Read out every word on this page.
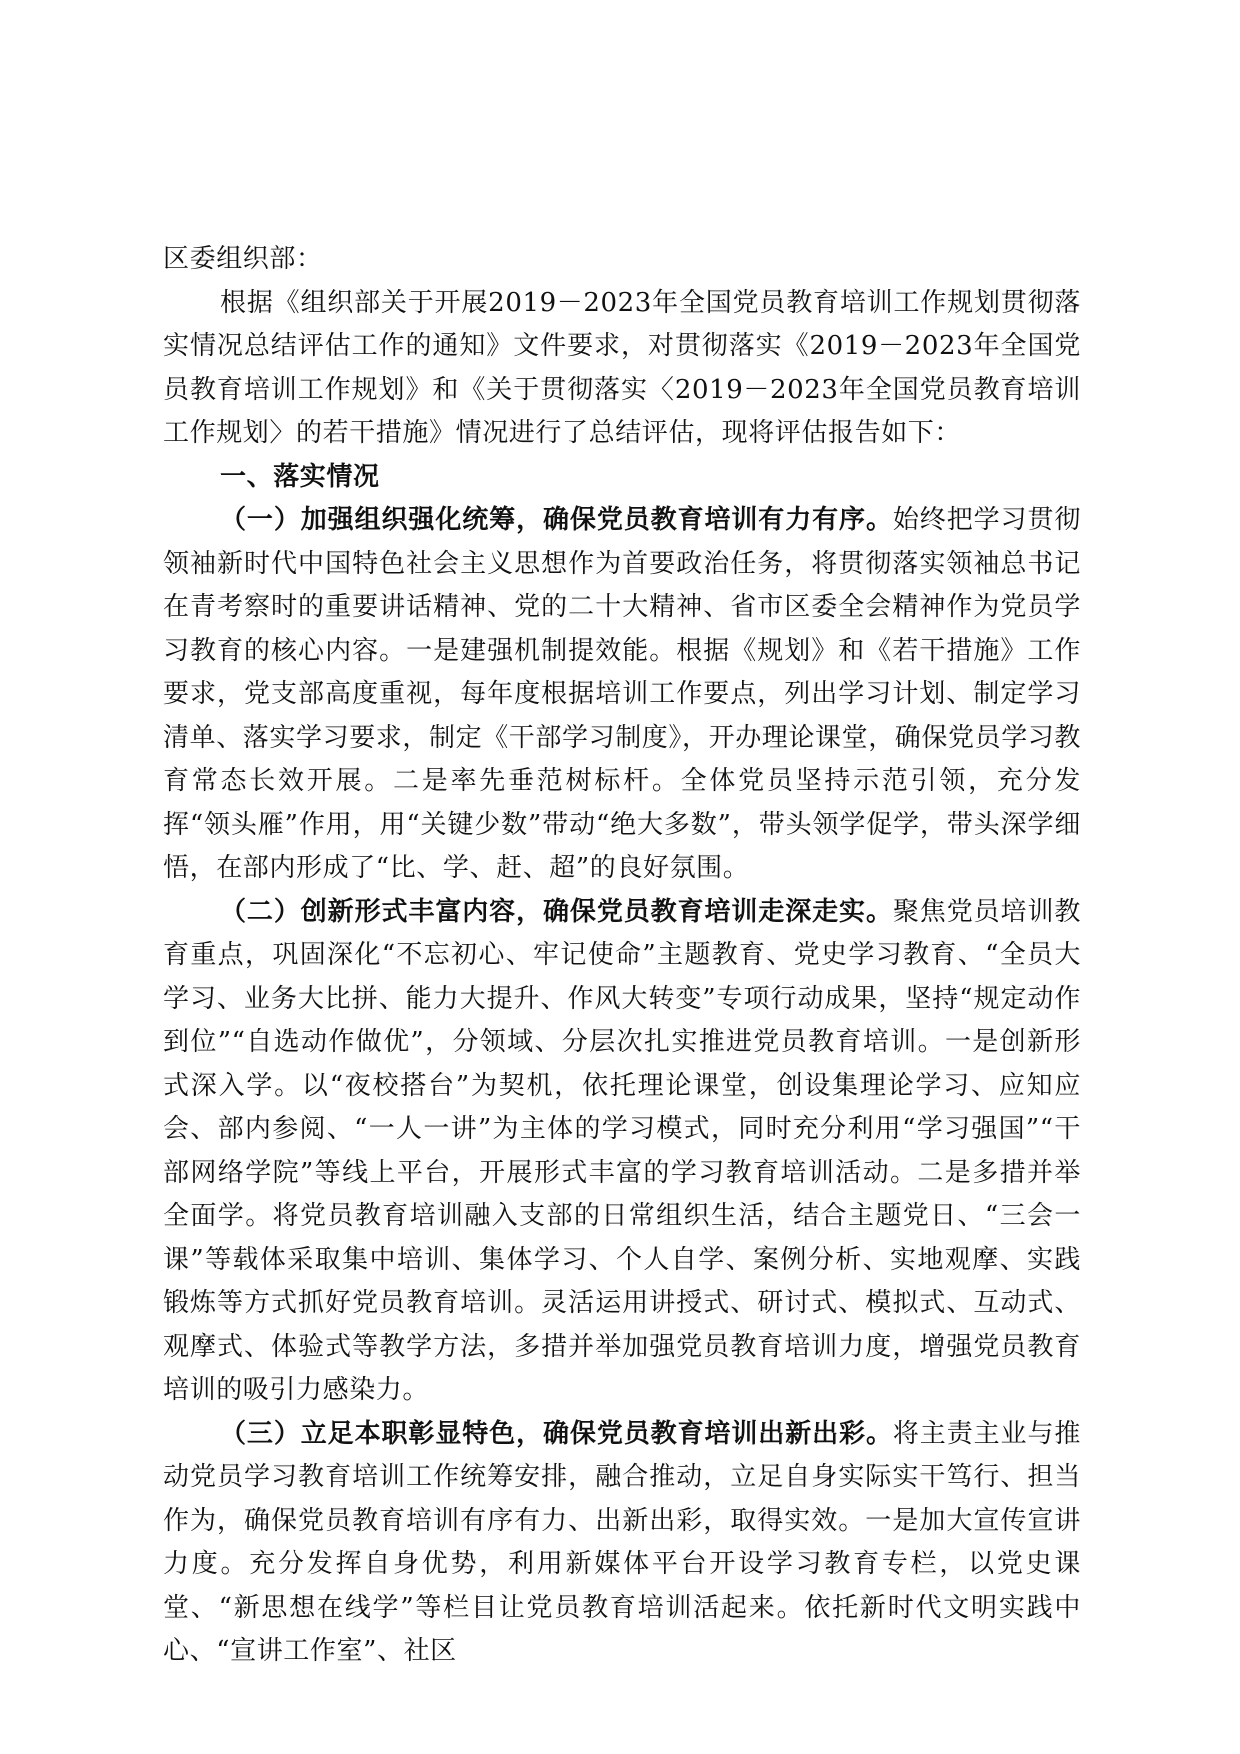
区委组织部：

根据《组织部关于开展2019－2023年全国党员教育培训工作规划贯彻落实情况总结评估工作的通知》文件要求，对贯彻落实《2019－2023年全国党员教育培训工作规划》和《关于贯彻落实〈2019－2023年全国党员教育培训工作规划〉的若干措施》情况进行了总结评估，现将评估报告如下：

一、落实情况

（一）加强组织强化统筹，确保党员教育培训有力有序。始终把学习贯彻领袖新时代中国特色社会主义思想作为首要政治任务，将贯彻落实领袖总书记在青考察时的重要讲话精神、党的二十大精神、省市区委全会精神作为党员学习教育的核心内容。一是建强机制提效能。根据《规划》和《若干措施》工作要求，党支部高度重视，每年度根据培训工作要点，列出学习计划、制定学习清单、落实学习要求，制定《干部学习制度》，开办理论课堂，确保党员学习教育常态长效开展。二是率先垂范树标杆。全体党员坚持示范引领，充分发挥“领头雁”作用，用“关键少数”带动“绝大多数”，带头领学促学，带头深学细悟，在部内形成了“比、学、赶、超”的良好氛围。

（二）创新形式丰富内容，确保党员教育培训走深走实。聚焦党员培训教育重点，巩固深化“不忘初心、牢记使命”主题教育、党史学习教育、“全员大学习、业务大比拼、能力大提升、作风大转变”专项行动成果，坚持“规定动作到位”“自选动作做优”，分领域、分层次扎实推进党员教育培训。一是创新形式深入学。以“夜校搭台”为契机，依托理论课堂，创设集理论学习、应知应会、部内参阅、“一人一讲”为主体的学习模式，同时充分利用“学习强国”“干部网络学院”等线上平台，开展形式丰富的学习教育培训活动。二是多措并举全面学。将党员教育培训融入支部的日常组织生活，结合主题党日、“三会一课”等载体采取集中培训、集体学习、个人自学、案例分析、实地观摩、实践锻炼等方式抓好党员教育培训。灵活运用讲授式、研讨式、模拟式、互动式、观摩式、体验式等教学方法，多措并举加强党员教育培训力度，增强党员教育培训的吸引力感染力。

（三）立足本职彰显特色，确保党员教育培训出新出彩。将主责主业与推动党员学习教育培训工作统筹安排，融合推动，立足自身实际实干笃行、担当作为，确保党员教育培训有序有力、出新出彩，取得实效。一是加大宣传宣讲力度。充分发挥自身优势，利用新媒体平台开设学习教育专栏，以党史课堂、“新思想在线学”等栏目让党员教育培训活起来。依托新时代文明实践中心、“宣讲工作室”、社区
